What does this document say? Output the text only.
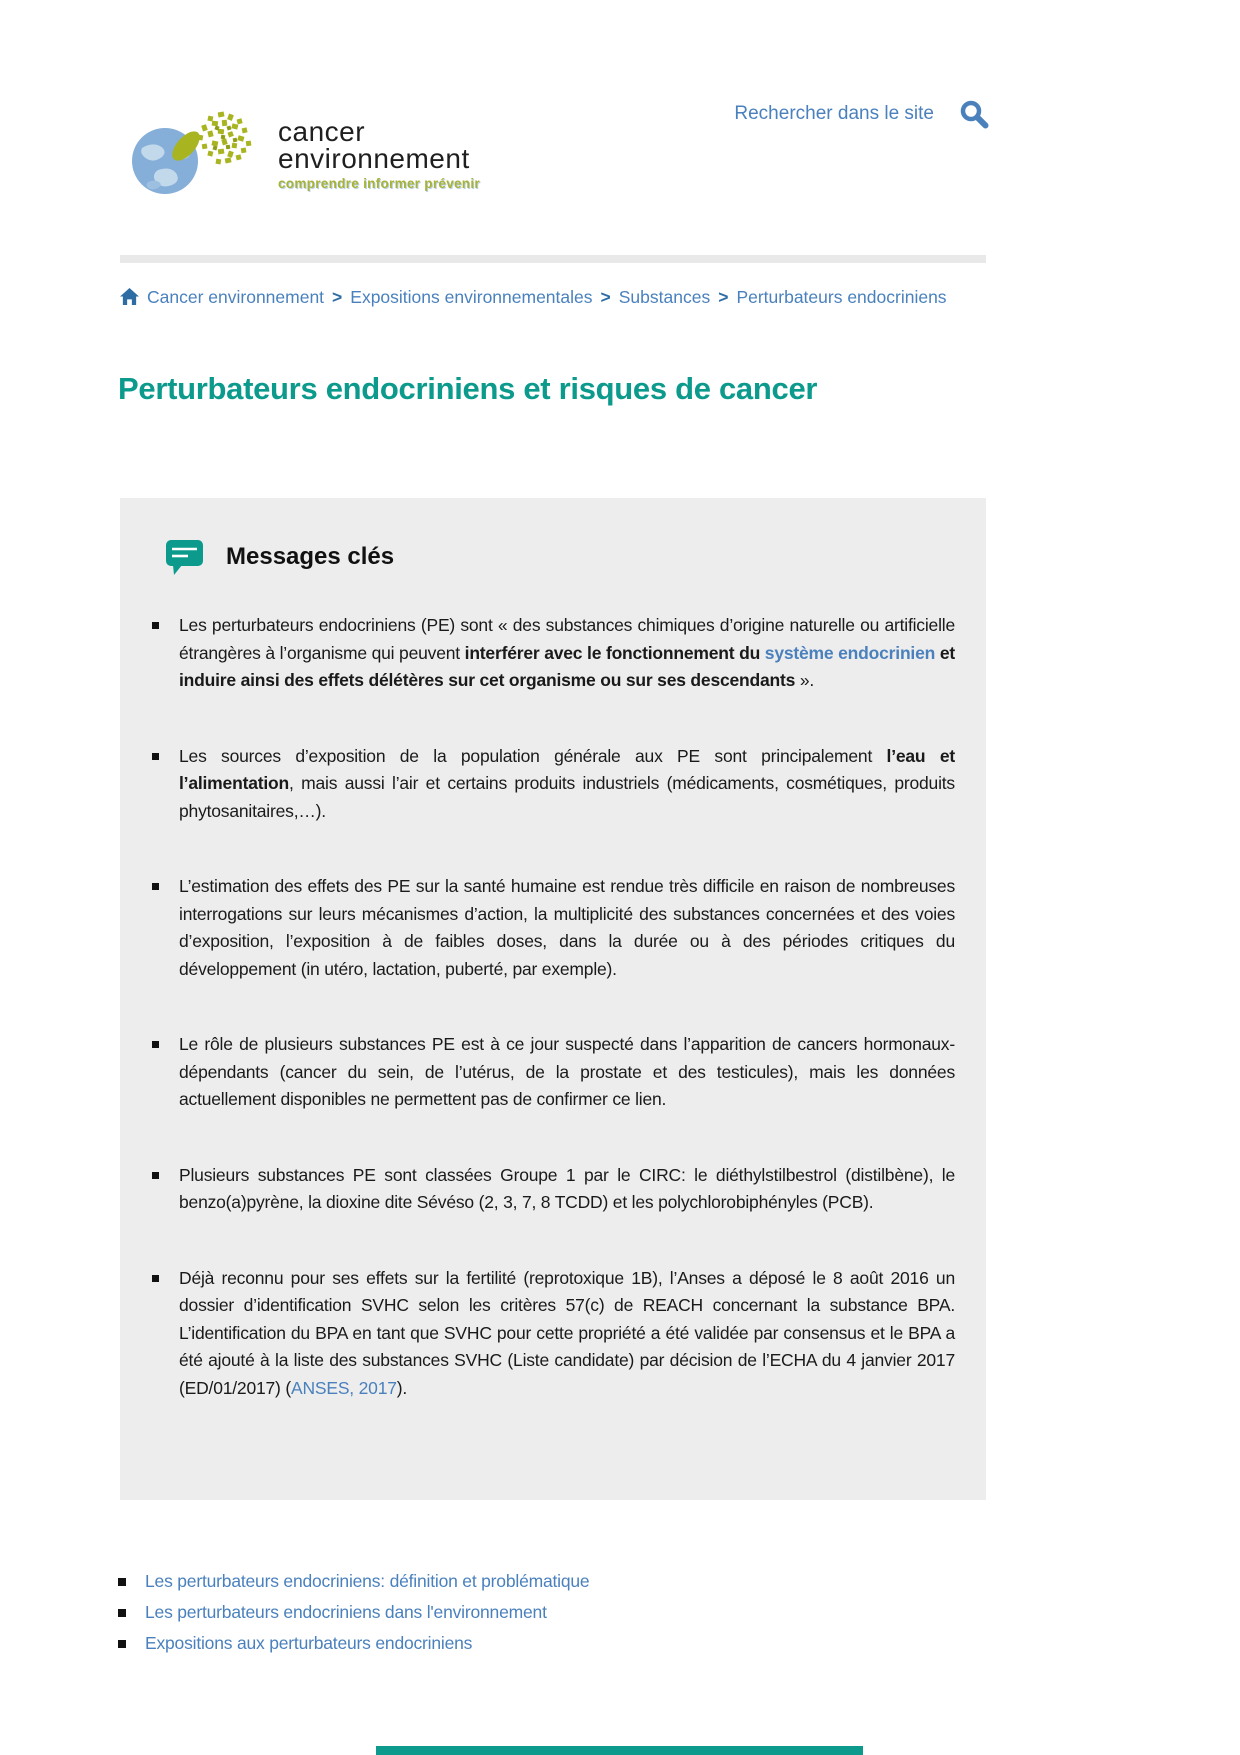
cancer
environnement
comprendre informer prévenir
Rechercher dans le site
Cancer environnement > Expositions environnementales > Substances > Perturbateurs endocriniens
Perturbateurs endocriniens et risques de cancer
Messages clés

Les perturbateurs endocriniens (PE) sont « des substances chimiques d’origine naturelle ou artificielle étrangères à l’organisme qui peuvent interférer avec le fonctionnement du système endocrinien et induire ainsi des effets délétères sur cet organisme ou sur ses descendants ».

Les sources d’exposition de la population générale aux PE sont principalement l’eau et l’alimentation, mais aussi l’air et certains produits industriels (médicaments, cosmétiques, produits phytosanitaires,…).

L’estimation des effets des PE sur la santé humaine est rendue très difficile en raison de nombreuses interrogations sur leurs mécanismes d’action, la multiplicité des substances concernées et des voies d’exposition, l’exposition à de faibles doses, dans la durée ou à des périodes critiques du développement (in utéro, lactation, puberté, par exemple).

Le rôle de plusieurs substances PE est à ce jour suspecté dans l’apparition de cancers hormonaux-dépendants (cancer du sein, de l’utérus, de la prostate et des testicules), mais les données actuellement disponibles ne permettent pas de confirmer ce lien.

Plusieurs substances PE sont classées Groupe 1 par le CIRC: le diéthylstilbestrol (distilbène), le benzo(a)pyrène, la dioxine dite Sévéso (2, 3, 7, 8 TCDD) et les polychlorobiphényles (PCB).

Déjà reconnu pour ses effets sur la fertilité (reprotoxique 1B), l’Anses a déposé le 8 août 2016 un dossier d’identification SVHC selon les critères 57(c) de REACH concernant la substance BPA. L’identification du BPA en tant que SVHC pour cette propriété a été validée par consensus et le BPA a été ajouté à la liste des substances SVHC (Liste candidate) par décision de l’ECHA du 4 janvier 2017 (ED/01/2017) (ANSES, 2017).

Les perturbateurs endocriniens: définition et problématique
Les perturbateurs endocriniens dans l'environnement
Expositions aux perturbateurs endocriniens
